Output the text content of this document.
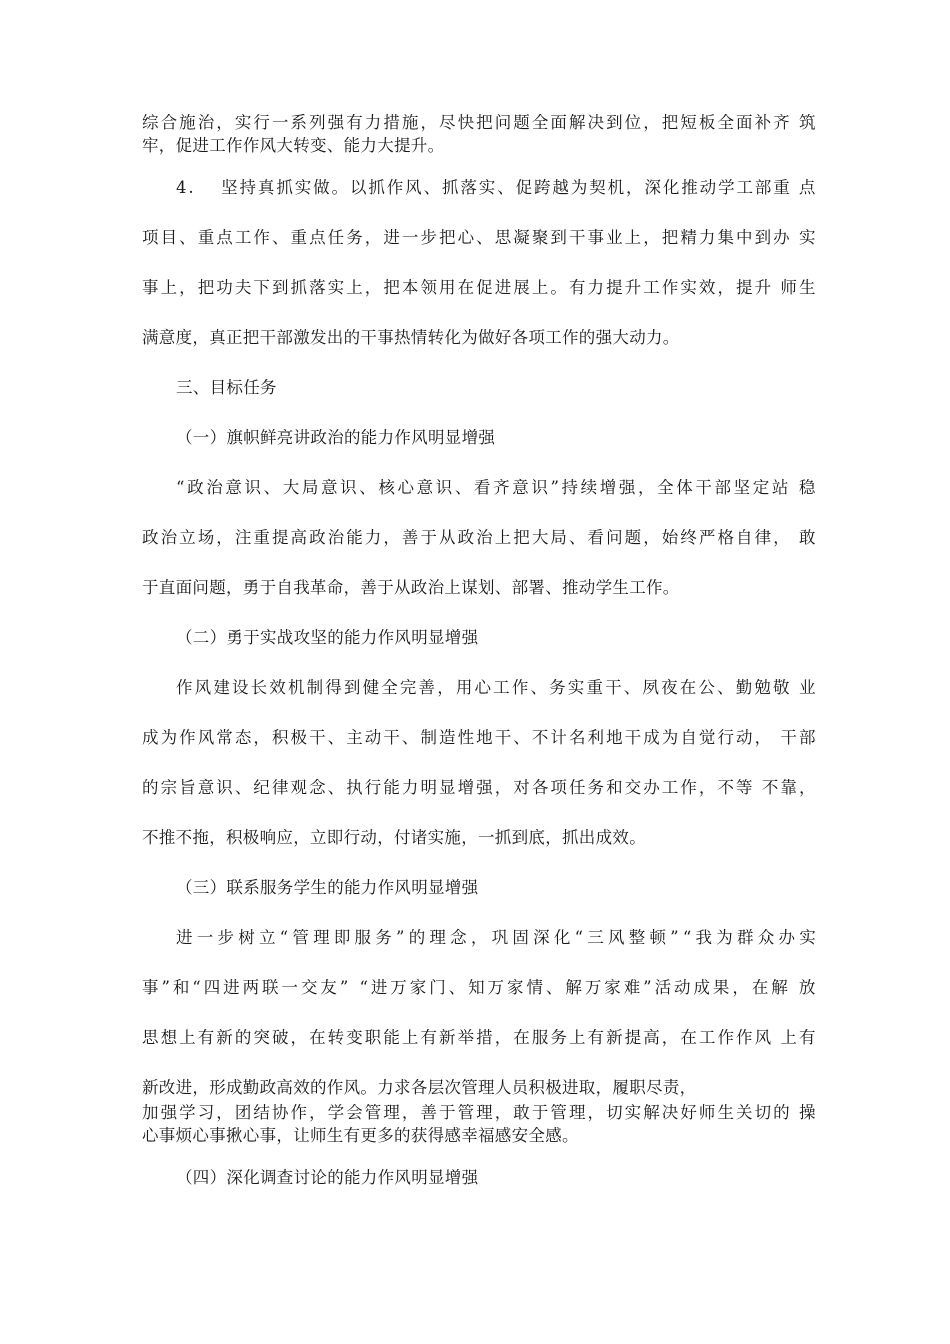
综 合 施 治 ， 实 行 一 系 列 强 有 力 措 施 ， 尽 快 把 问 题 全 面 解 决 到 位 ， 把 短 板 全 面 补 齐
筑
牢，促进工作作风大转变、能力大提升。
4 .

坚 持 真 抓 实 做 。 以 抓 作 风 、 抓 落 实 、 促 跨 越 为 契 机 ， 深 化 推 动 学 工 部 重
点
项 目 、 重 点 工 作 、 重 点 任 务 ， 进 一 步 把 心 、 思 凝 聚 到 干 事 业 上 ， 把 精 力 集 中 到 办
实
事 上 ， 把 功 夫 下 到 抓 落 实 上 ， 把 本 领 用 在 促 进 展 上 。 有 力 提 升 工 作 实 效 ， 提 升
师 生
满意度，真正把干部激发出的干事热情转化为做好各项工作的强大动力。
三、目标任务
（一）旗帜鲜亮讲政治的能力作风明显增强
“ 政 治 意 识 、 大 局 意 识 、 核 心 意 识 、 看 齐 意 识 ” 持 续 增 强 ， 全 体 干 部 坚 定 站
稳
政 治 立 场 ， 注 重 提 高 政 治 能 力 ， 善 于 从 政 治 上 把 大 局 、 看 问 题 ， 始 终 严 格 自 律 ，
敢
于直面问题，勇于自我革命，善于从政治上谋划、部署、推动学生工作。
（二）勇于实战攻坚的能力作风明显增强
作 风 建 设 长 效 机 制 得 到 健 全 完 善 ， 用 心 工 作 、 务 实 重 干 、 夙 夜 在 公 、 勤 勉 敬
业
成 为 作 风 常 态 ， 积 极 干 、 主 动 干 、 制 造 性 地 干 、 不 计 名 利 地 干 成 为 自 觉 行 动 ，
干 部
的 宗 旨 意 识 、 纪 律 观 念 、 执 行 能 力 明 显 增 强 ， 对 各 项 任 务 和 交 办 工 作 ， 不 等
不 靠 ，
不推不拖，积极响应，立即行动，付诸实施，一抓到底，抓出成效。
（三）联系服务学生的能力作风明显增强
进 一 步 树 立 “ 管 理 即 服 务 ” 的 理 念 ， 巩 固 深 化 “ 三 风 整 顿 ” “ 我 为 群 众 办 实
事 ” 和 “ 四 进 两 联 一 交 友 ”
“ 进 万 家 门 、 知 万 家 情 、 解 万 家 难 ” 活 动 成 果 ， 在 解
放
思 想 上 有 新 的 突 破 ， 在 转 变 职 能 上 有 新 举 措 ， 在 服 务 上 有 新 提 高 ， 在 工 作 作 风
上 有
新改进，形成勤政高效的作风。力求各层次管理人员积极进取，履职尽责，
加 强 学 习 ， 团 结 协 作 ， 学 会 管 理 ， 善 于 管 理 ， 敢 于 管 理 ， 切 实 解 决 好 师 生 关 切 的
操
心事烦心事揪心事，让师生有更多的获得感幸福感安全感。
（四）深化调查讨论的能力作风明显增强
